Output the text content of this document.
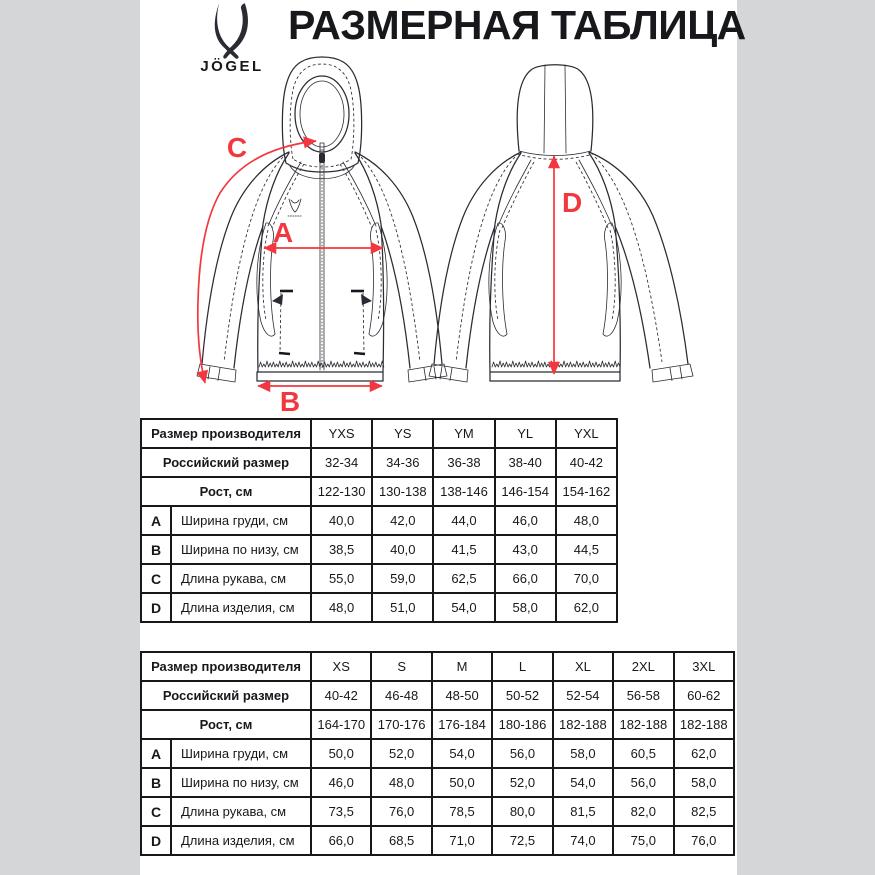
JÖGEL
РАЗМЕРНАЯ ТАБЛИЦА
A
B
C
D
Размер производителя		YXS	YS	YM	YL	YXL
Российский размер		32-34	34-36	36-38	38-40	40-42
Рост, см		122-130	130-138	138-146	146-154	154-162
A	Ширина груди, см	40,0	42,0	44,0	46,0	48,0
B	Ширина по низу, см	38,5	40,0	41,5	43,0	44,5
C	Длина рукава, см	55,0	59,0	62,5	66,0	70,0
D	Длина изделия, см	48,0	51,0	54,0	58,0	62,0
Размер производителя		XS	S	M	L	XL	2XL	3XL
Российский размер		40-42	46-48	48-50	50-52	52-54	56-58	60-62
Рост, см		164-170	170-176	176-184	180-186	182-188	182-188	182-188
A	Ширина груди, см	50,0	52,0	54,0	56,0	58,0	60,5	62,0
B	Ширина по низу, см	46,0	48,0	50,0	52,0	54,0	56,0	58,0
C	Длина рукава, см	73,5	76,0	78,5	80,0	81,5	82,0	82,5
D	Длина изделия, см	66,0	68,5	71,0	72,5	74,0	75,0	76,0
